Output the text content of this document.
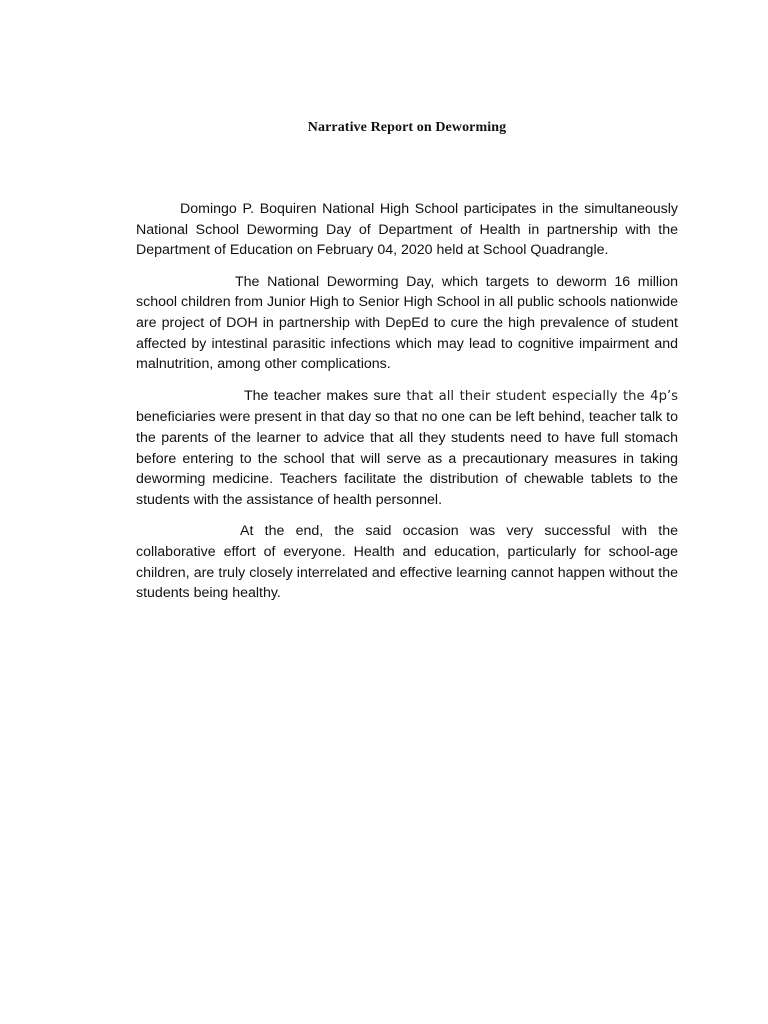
Narrative Report on Deworming

Domingo P. Boquiren National High School participates in the simultaneously National School Deworming Day of Department of Health in partnership with the Department of Education on February 04, 2020 held at School Quadrangle.

The National Deworming Day, which targets to deworm 16 million school children from Junior High to Senior High School in all public schools nationwide are project of DOH in partnership with DepEd to cure the high prevalence of student affected by intestinal parasitic infections which may lead to cognitive impairment and malnutrition, among other complications.

The teacher makes sure that all their student especially the 4p’s beneficiaries were present in that day so that no one can be left behind, teacher talk to the parents of the learner to advice that all they students need to have full stomach before entering to the school that will serve as a precautionary measures in taking deworming medicine. Teachers facilitate the distribution of chewable tablets to the students with the assistance of health personnel.

At the end, the said occasion was very successful with the collaborative effort of everyone. Health and education, particularly for school-age children, are truly closely interrelated and effective learning cannot happen without the students being healthy.
